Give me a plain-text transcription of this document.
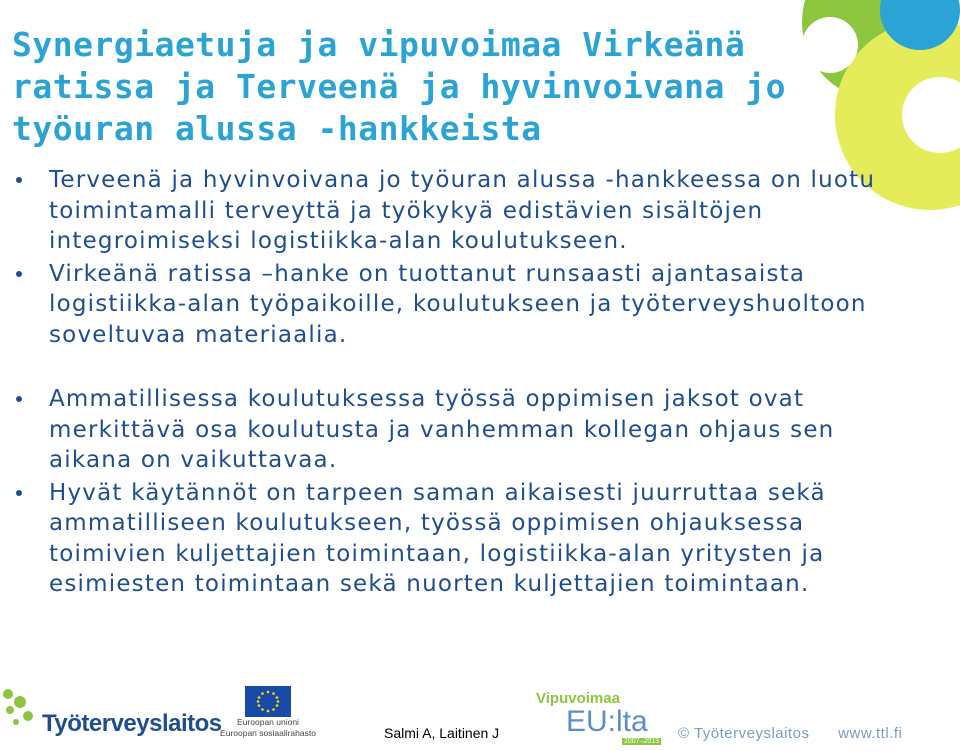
Synergiaetuja ja vipuvoimaa Virkeänä ratissa ja Terveenä ja hyvinvoivana jo työuran alussa -hankkeista
Terveenä ja hyvinvoivana jo työuran alussa -hankkeessa on luotu toimintamalli terveyttä ja työkykyä edistävien sisältöjen integroimiseksi logistiikka-alan koulutukseen.
Virkeänä ratissa –hanke on tuottanut runsaasti ajantasaista logistiikka-alan työpaikoille, koulutukseen ja työterveyshuoltoon soveltuvaa materiaalia.
Ammatillisessa koulutuksessa työssä oppimisen jaksot ovat merkittävä osa koulutusta ja vanhemman kollegan ohjaus sen aikana on vaikuttavaa.
Hyvät käytännöt on tarpeen saman aikaisesti juurruttaa sekä ammatilliseen koulutukseen, työssä oppimisen ohjauksessa toimivien kuljettajien toimintaan, logistiikka-alan yritysten ja esimiesten toimintaan sekä nuorten kuljettajien toimintaan.
Työterveyslaitos	Euroopan unioni
Euroopan sosiaalirahasto	Salmi A, Laitinen J
Vipuvoimaa
EU:lta
2007–2013 © Työterveyslaitos www.ttl.fi
